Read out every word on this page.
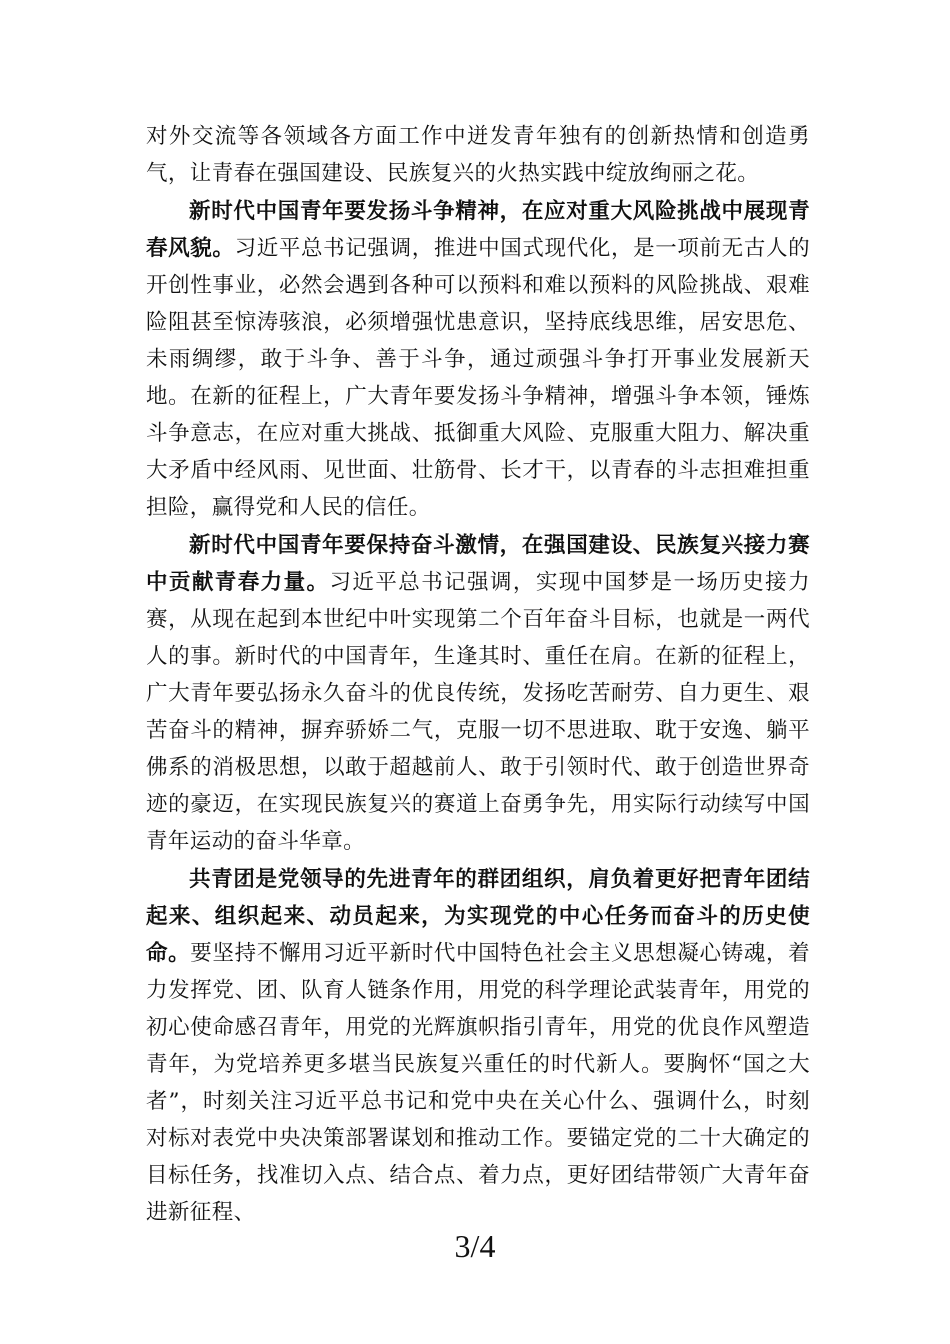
对外交流等各领域各方面工作中迸发青年独有的创新热情和创造勇气，让青春在强国建设、民族复兴的火热实践中绽放绚丽之花。

新时代中国青年要发扬斗争精神，在应对重大风险挑战中展现青春风貌。习近平总书记强调，推进中国式现代化，是一项前无古人的开创性事业，必然会遇到各种可以预料和难以预料的风险挑战、艰难险阻甚至惊涛骇浪，必须增强忧患意识，坚持底线思维，居安思危、未雨绸缪，敢于斗争、善于斗争，通过顽强斗争打开事业发展新天地。在新的征程上，广大青年要发扬斗争精神，增强斗争本领，锤炼斗争意志，在应对重大挑战、抵御重大风险、克服重大阻力、解决重大矛盾中经风雨、见世面、壮筋骨、长才干，以青春的斗志担难担重担险，赢得党和人民的信任。

新时代中国青年要保持奋斗激情，在强国建设、民族复兴接力赛中贡献青春力量。习近平总书记强调，实现中国梦是一场历史接力赛，从现在起到本世纪中叶实现第二个百年奋斗目标，也就是一两代人的事。新时代的中国青年，生逢其时、重任在肩。在新的征程上，广大青年要弘扬永久奋斗的优良传统，发扬吃苦耐劳、自力更生、艰苦奋斗的精神，摒弃骄娇二气，克服一切不思进取、耽于安逸、躺平佛系的消极思想，以敢于超越前人、敢于引领时代、敢于创造世界奇迹的豪迈，在实现民族复兴的赛道上奋勇争先，用实际行动续写中国青年运动的奋斗华章。

共青团是党领导的先进青年的群团组织，肩负着更好把青年团结起来、组织起来、动员起来，为实现党的中心任务而奋斗的历史使命。要坚持不懈用习近平新时代中国特色社会主义思想凝心铸魂，着力发挥党、团、队育人链条作用，用党的科学理论武装青年，用党的初心使命感召青年，用党的光辉旗帜指引青年，用党的优良作风塑造青年，为党培养更多堪当民族复兴重任的时代新人。要胸怀“国之大者”，时刻关注习近平总书记和党中央在关心什么、强调什么，时刻对标对表党中央决策部署谋划和推动工作。要锚定党的二十大确定的目标任务，找准切入点、结合点、着力点，更好团结带领广大青年奋进新征程、

3/4
